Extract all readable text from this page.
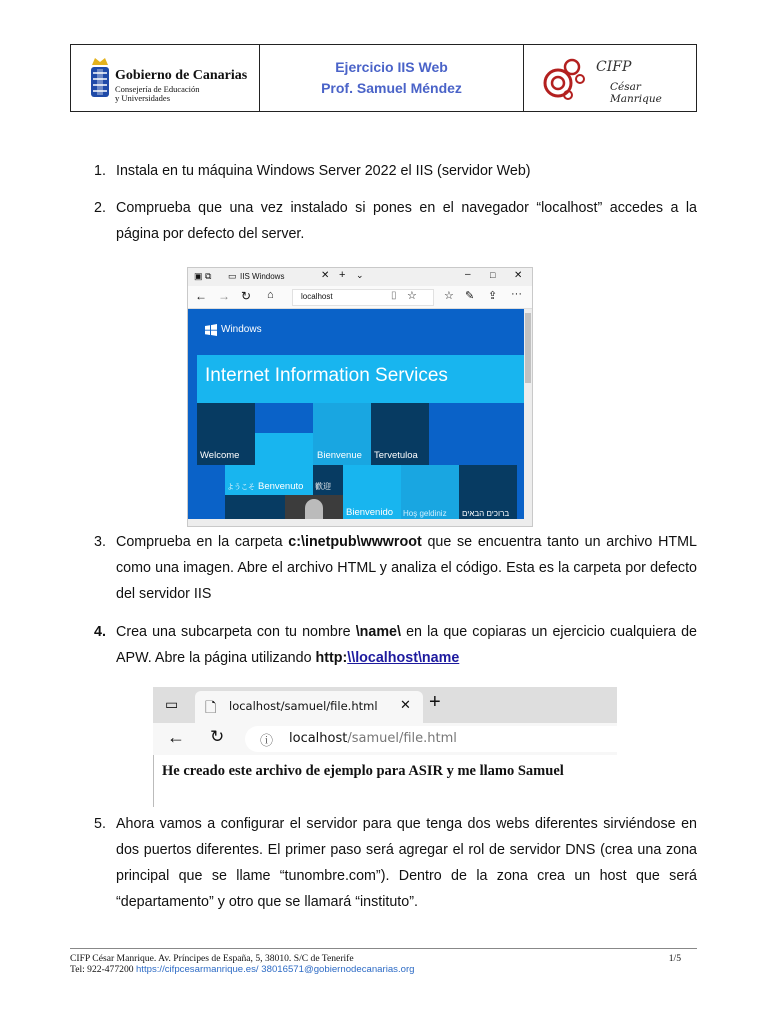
Gobierno de Canarias
Consejería de Educación
y Universidades
Ejercicio IIS Web
Prof. Samuel Méndez
CIFP
César Manrique
1. Instala en tu máquina Windows Server 2022 el IIS (servidor Web)
2. Comprueba que una vez instalado si pones en el navegador “localhost” accedes a la página por defecto del server.
▣ ⧉ ▭ IIS Windows	✕ + ⌄	– □ ✕
← → ↻ ⌂	localhost	▯ ☆ ☆ ✎ ⇪ ···
Windows
Internet Information Services
Welcome	Bienvenue Tervetuloa
ようこそ Benvenuto 歡迎
Bienvenido Hoş geldiniz ברוכים הבאים
3. Comprueba en la carpeta c:\inetpub\wwwroot que se encuentra tanto un archivo HTML como una imagen. Abre el archivo HTML y analiza el código. Esta es la carpeta por defecto del servidor IIS
4. Crea una subcarpeta con tu nombre \name\ en la que copiaras un ejercicio cualquiera de APW. Abre la página utilizando http:\\localhost\name
▭ 🗋 localhost/samuel/file.html ✕ +
← ↻	ⓘ localhost/samuel/file.html
He creado este archivo de ejemplo para ASIR y me llamo Samuel
5. Ahora vamos a configurar el servidor para que tenga dos webs diferentes sirviéndose en dos puertos diferentes. El primer paso será agregar el rol de servidor DNS (crea una zona principal que se llame “tunombre.com”). Dentro de la zona crea un host que será “departamento” y otro que se llamará “instituto”.
CIFP César Manrique. Av. Príncipes de España, 5, 38010. S/C de Tenerife	1/5
Tel: 922-477200 https://cifpcesarmanrique.es/ 38016571@gobiernodecanarias.org
